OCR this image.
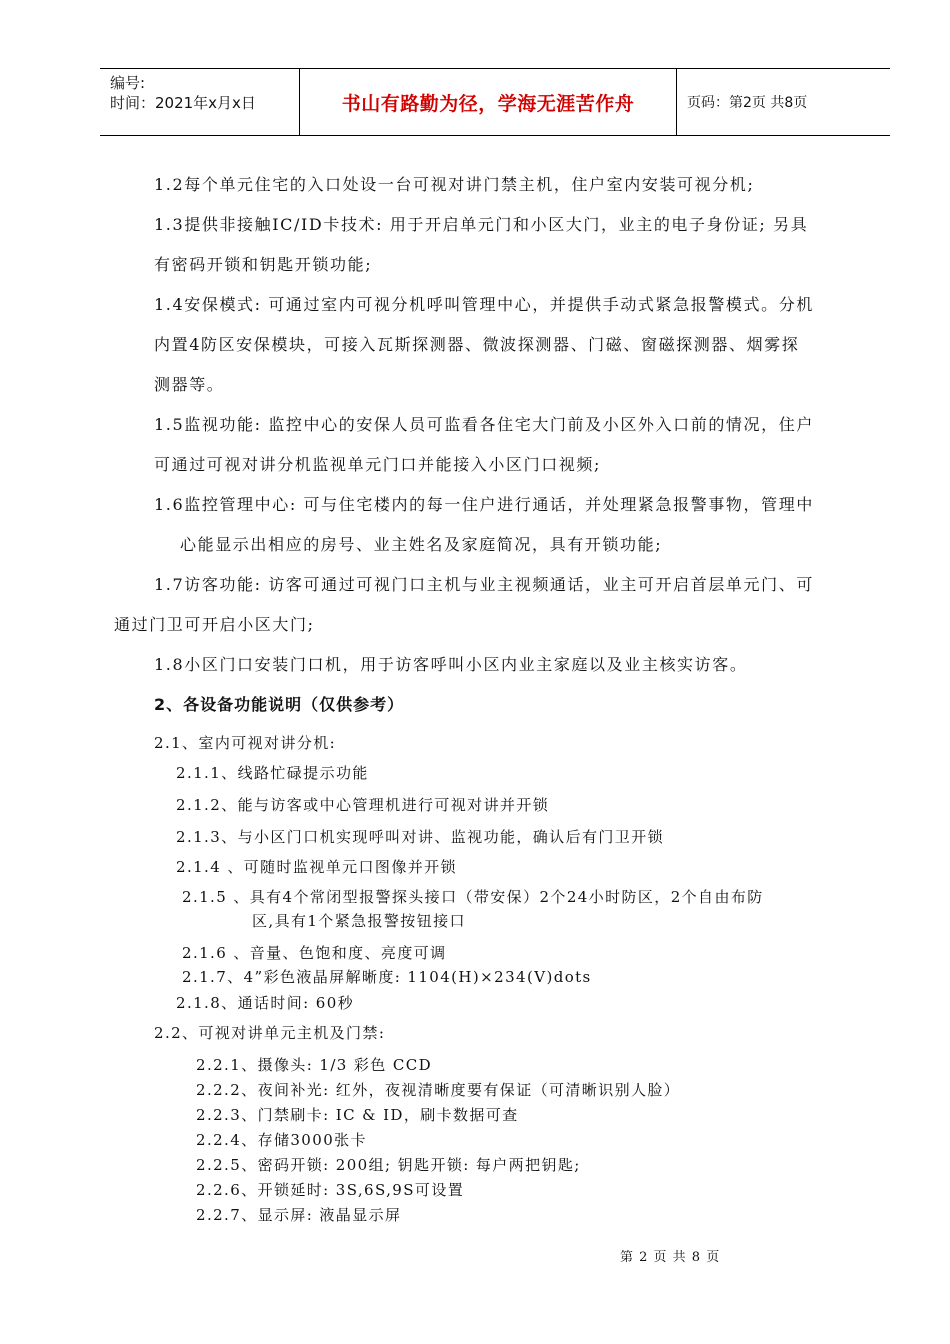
编号:
时间：2021年x月x日	书山有路勤为径，学海无涯苦作舟	页码：第2页 共8页
1.2每个单元住宅的入口处设一台可视对讲门禁主机，住户室内安装可视分机;
1.3提供非接触IC/ID卡技术: 用于开启单元门和小区大门，业主的电子身份证; 另具
有密码开锁和钥匙开锁功能;
1.4安保模式: 可通过室内可视分机呼叫管理中心，并提供手动式紧急报警模式。分机
内置4防区安保模块，可接入瓦斯探测器、微波探测器、门磁、窗磁探测器、烟雾探
测器等。
1.5监视功能: 监控中心的安保人员可监看各住宅大门前及小区外入口前的情况，住户
可通过可视对讲分机监视单元门口并能接入小区门口视频;
1.6监控管理中心: 可与住宅楼内的每一住户进行通话，并处理紧急报警事物，管理中
心能显示出相应的房号、业主姓名及家庭简况，具有开锁功能;
1.7访客功能: 访客可通过可视门口主机与业主视频通话，业主可开启首层单元门、可
通过门卫可开启小区大门;
1.8小区门口安装门口机，用于访客呼叫小区内业主家庭以及业主核实访客。
2、各设备功能说明（仅供参考）
2.1、室内可视对讲分机:
2.1.1、线路忙碌提示功能
2.1.2、能与访客或中心管理机进行可视对讲并开锁
2.1.3、与小区门口机实现呼叫对讲、监视功能，确认后有门卫开锁
2.1.4 、可随时监视单元口图像并开锁
2.1.5 、具有4个常闭型报警探头接口（带安保）2个24小时防区，2个自由布防
区,具有1个紧急报警按钮接口
2.1.6 、音量、色饱和度、亮度可调
2.1.7、4”彩色液晶屏解晰度: 1104(H)×234(V)dots
2.1.8、通话时间: 60秒
2.2、可视对讲单元主机及门禁:
2.2.1、摄像头: 1/3 彩色 CCD
2.2.2、夜间补光: 红外，夜视清晰度要有保证（可清晰识别人脸）
2.2.3、门禁刷卡: IC & ID，刷卡数据可查
2.2.4、存储3000张卡
2.2.5、密码开锁: 200组; 钥匙开锁: 每户两把钥匙;
2.2.6、开锁延时: 3S,6S,9S可设置
2.2.7、显示屏: 液晶显示屏
第 2 页 共 8 页
